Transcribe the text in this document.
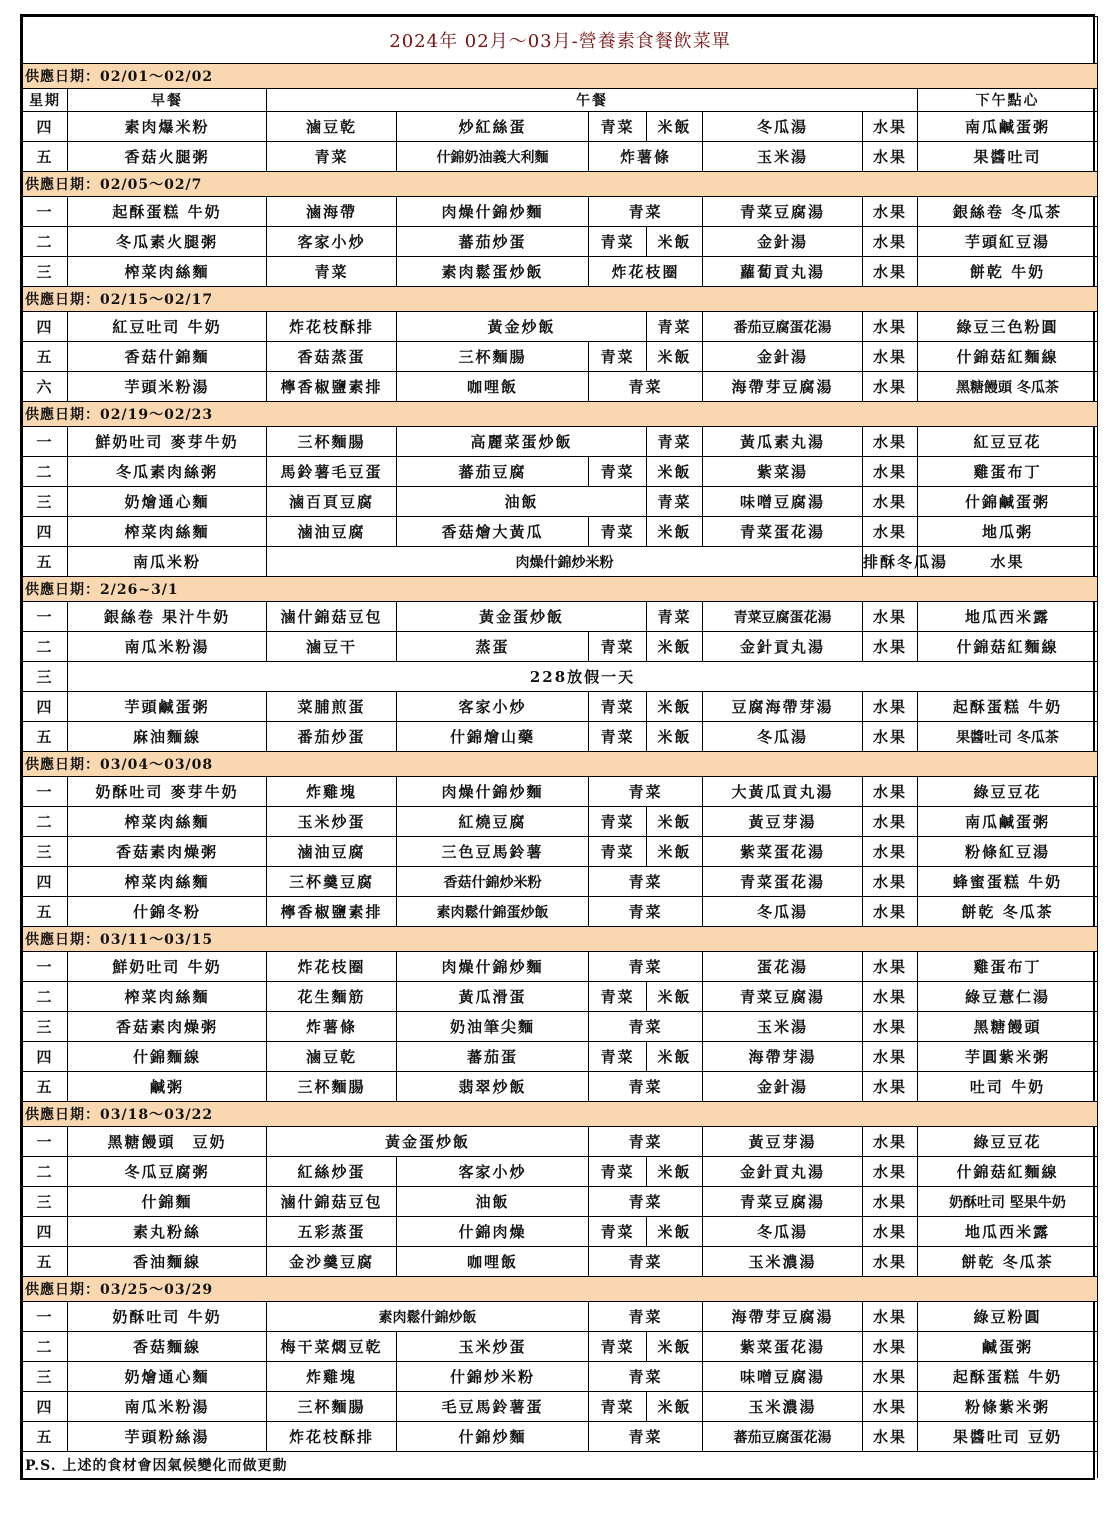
2024年 02月～03月-營養素食餐飲菜單									
供應日期：02/01～02/02									
星期	早餐	午餐						下午點心	
四	素肉爆米粉	滷豆乾	炒紅絲蛋	青菜	米飯	冬瓜湯	水果	南瓜鹹蛋粥	
五	香菇火腿粥	青菜	什錦奶油義大利麵	炸薯條		玉米湯	水果	果醬吐司	
供應日期：02/05～02/7									
一	起酥蛋糕 牛奶	滷海帶	肉燥什錦炒麵	青菜		青菜豆腐湯	水果	銀絲卷 冬瓜茶	
二	冬瓜素火腿粥	客家小炒	蕃茄炒蛋	青菜	米飯	金針湯	水果	芋頭紅豆湯	
三	榨菜肉絲麵	青菜	素肉鬆蛋炒飯	炸花枝圈		蘿蔔貢丸湯	水果	餅乾 牛奶	
供應日期：02/15～02/17									
四	紅豆吐司 牛奶	炸花枝酥排	黃金炒飯		青菜	番茄豆腐蛋花湯	水果	綠豆三色粉圓	
五	香菇什錦麵	香菇蒸蛋	三杯麵腸	青菜	米飯	金針湯	水果	什錦菇紅麵線	
六	芋頭米粉湯	檸香椒鹽素排	咖哩飯	青菜		海帶芽豆腐湯	水果	黑糖饅頭 冬瓜茶	
供應日期：02/19～02/23									
一	鮮奶吐司 麥芽牛奶	三杯麵腸	高麗菜蛋炒飯		青菜	黃瓜素丸湯	水果	紅豆豆花	
二	冬瓜素肉絲粥	馬鈴薯毛豆蛋	蕃茄豆腐	青菜	米飯	紫菜湯	水果	雞蛋布丁	
三	奶燴通心麵	滷百頁豆腐	油飯		青菜	味噌豆腐湯	水果	什錦鹹蛋粥	
四	榨菜肉絲麵	滷油豆腐	香菇燴大黃瓜	青菜	米飯	青菜蛋花湯	水果	地瓜粥	
五	南瓜米粉	肉燥什錦炒米粉					排酥冬瓜湯	水果	
供應日期：2/26~3/1									
一	銀絲卷 果汁牛奶	滷什錦菇豆包	黃金蛋炒飯		青菜	青菜豆腐蛋花湯	水果	地瓜西米露	
二	南瓜米粉湯	滷豆干	蒸蛋	青菜	米飯	金針貢丸湯	水果	什錦菇紅麵線	
三	228放假一天								
四	芋頭鹹蛋粥	菜脯煎蛋	客家小炒	青菜	米飯	豆腐海帶芽湯	水果	起酥蛋糕 牛奶	
五	麻油麵線	番茄炒蛋	什錦燴山藥	青菜	米飯	冬瓜湯	水果	果醬吐司 冬瓜茶	
供應日期：03/04～03/08									
一	奶酥吐司 麥芽牛奶	炸雞塊	肉燥什錦炒麵	青菜		大黃瓜貢丸湯	水果	綠豆豆花	
二	榨菜肉絲麵	玉米炒蛋	紅燒豆腐	青菜	米飯	黃豆芽湯	水果	南瓜鹹蛋粥	
三	香菇素肉燥粥	滷油豆腐	三色豆馬鈴薯	青菜	米飯	紫菜蛋花湯	水果	粉條紅豆湯	
四	榨菜肉絲麵	三杯羹豆腐	香菇什錦炒米粉	青菜		青菜蛋花湯	水果	蜂蜜蛋糕 牛奶	
五	什錦冬粉	檸香椒鹽素排	素肉鬆什錦蛋炒飯	青菜		冬瓜湯	水果	餅乾 冬瓜茶	
供應日期：03/11～03/15									
一	鮮奶吐司 牛奶	炸花枝圈	肉燥什錦炒麵	青菜		蛋花湯	水果	雞蛋布丁	
二	榨菜肉絲麵	花生麵筋	黃瓜滑蛋	青菜	米飯	青菜豆腐湯	水果	綠豆薏仁湯	
三	香菇素肉燥粥	炸薯條	奶油筆尖麵	青菜		玉米湯	水果	黑糖饅頭	
四	什錦麵線	滷豆乾	蕃茄蛋	青菜	米飯	海帶芽湯	水果	芋圓紫米粥	
五	鹹粥	三杯麵腸	翡翠炒飯	青菜		金針湯	水果	吐司 牛奶	
供應日期：03/18～03/22									
一	黑糖饅頭　豆奶	黃金蛋炒飯		青菜		黃豆芽湯	水果	綠豆豆花	
二	冬瓜豆腐粥	紅絲炒蛋	客家小炒	青菜	米飯	金針貢丸湯	水果	什錦菇紅麵線	
三	什錦麵	滷什錦菇豆包	油飯	青菜		青菜豆腐湯	水果	奶酥吐司 堅果牛奶	
四	素丸粉絲	五彩蒸蛋	什錦肉燥	青菜	米飯	冬瓜湯	水果	地瓜西米露	
五	香油麵線	金沙羹豆腐	咖哩飯	青菜		玉米濃湯	水果	餅乾 冬瓜茶	
供應日期：03/25～03/29									
一	奶酥吐司 牛奶	素肉鬆什錦炒飯		青菜		海帶芽豆腐湯	水果	綠豆粉圓	
二	香菇麵線	梅干菜燜豆乾	玉米炒蛋	青菜	米飯	紫菜蛋花湯	水果	鹹蛋粥	
三	奶燴通心麵	炸雞塊	什錦炒米粉	青菜		味噌豆腐湯	水果	起酥蛋糕 牛奶	
四	南瓜米粉湯	三杯麵腸	毛豆馬鈴薯蛋	青菜	米飯	玉米濃湯	水果	粉條紫米粥	
五	芋頭粉絲湯	炸花枝酥排	什錦炒麵	青菜		蕃茄豆腐蛋花湯	水果	果醬吐司 豆奶	
P.S. 上述的食材會因氣候變化而做更動									
